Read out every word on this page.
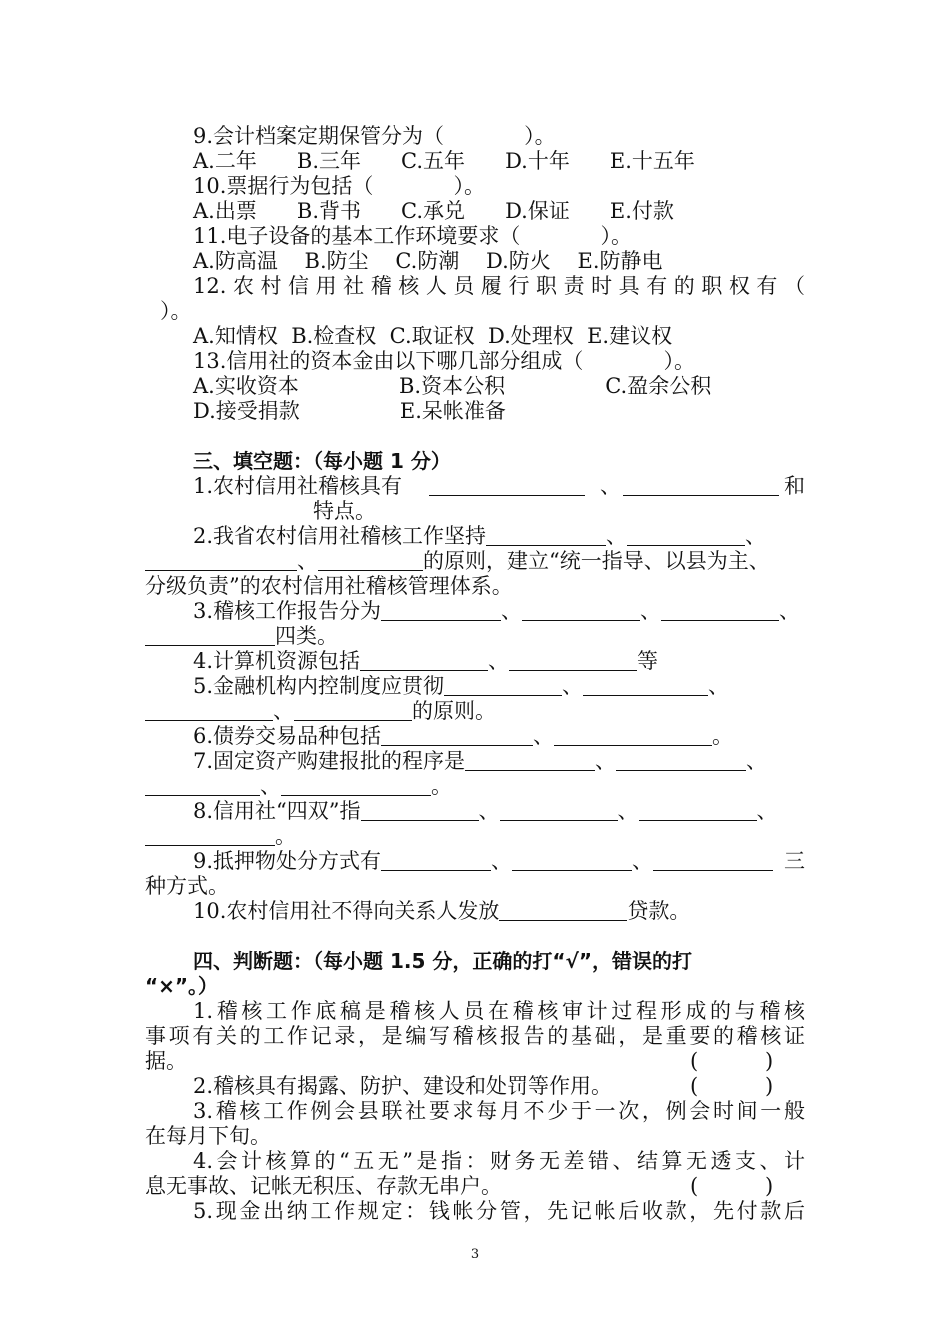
9.会计档案定期保管分为（            ）。
A.二年      B.三年      C.五年      D.十年      E.十五年
10.票据行为包括（            ）。
A.出票      B.背书      C.承兑      D.保证      E.付款
11.电子设备的基本工作环境要求（            ）。
A.防高温    B.防尘    C.防潮    D.防火    E.防静电
12.农村信用社稽核人员履行职责时具有的职权有（
）。
A.知情权  B.检查权  C.取证权  D.处理权  E.建议权
13.信用社的资本金由以下哪几部分组成（            ）。
A.实收资本               B.资本公积               C.盈余公积
D.接受捐款               E.呆帐准备
三、填空题：（每小题 1 分）
1.农村信用社稽核具有	、	和
特点。
2.我省农村信用社稽核工作坚持	、	、
、	的原则，建立“统一指导、以县为主、
分级负责”的农村信用社稽核管理体系。
3.稽核工作报告分为	、	、	、
四类。
4.计算机资源包括	、	等
5.金融机构内控制度应贯彻	、	、
、	的原则。
6.债券交易品种包括	、	。
7.固定资产购建报批的程序是	、	、
、	。
8.信用社“四双”指	、	、	、
。
9.抵押物处分方式有	、	、	三
种方式。
10.农村信用社不得向关系人发放	贷款。
四、判断题：（每小题 1.5 分，正确的打“√”，错误的打
“×”。）
1.稽核工作底稿是稽核人员在稽核审计过程形成的与稽核
事项有关的工作记录，是编写稽核报告的基础，是重要的稽核证
据。	(          )
2.稽核具有揭露、防护、建设和处罚等作用。	(          )
3.稽核工作例会县联社要求每月不少于一次，例会时间一般
在每月下旬。
4.会计核算的“五无”是指：财务无差错、结算无透支、计
息无事故、记帐无积压、存款无串户。	(          )
5.现金出纳工作规定：钱帐分管，先记帐后收款，先付款后
3
